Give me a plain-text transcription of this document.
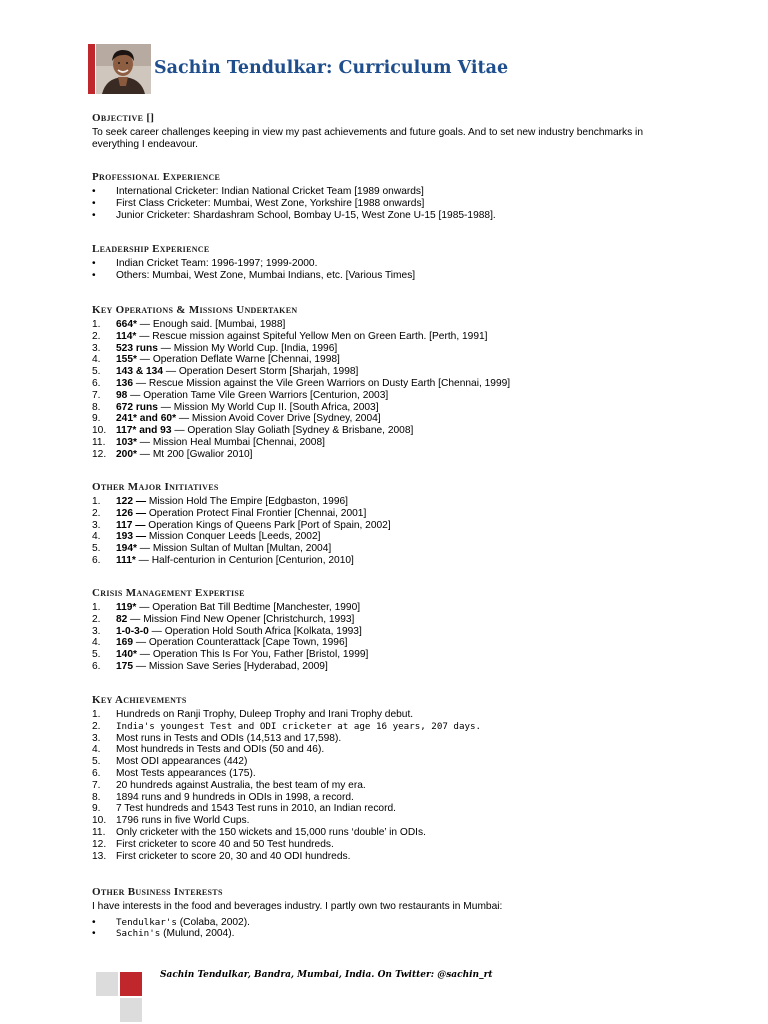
Sachin Tendulkar: Curriculum Vitae
Objective []

To seek career challenges keeping in view my past achievements and future goals. And to set new industry benchmarks in everything I endeavour.

Professional Experience
•	International Cricketer: Indian National Cricket Team [1989 onwards]
•	First Class Cricketer: Mumbai, West Zone, Yorkshire [1988 onwards]
•	Junior Cricketer: Shardashram School, Bombay U-15, West Zone U-15 [1985-1988].
Leadership Experience
•	Indian Cricket Team: 1996-1997; 1999-2000.
•	Others: Mumbai, West Zone, Mumbai Indians, etc. [Various Times]
Key Operations & Missions Undertaken
1.	664* — Enough said. [Mumbai, 1988]
2.	114* — Rescue mission against Spiteful Yellow Men on Green Earth. [Perth, 1991]
3.	523 runs — Mission My World Cup. [India, 1996]
4.	155* — Operation Deflate Warne [Chennai, 1998]
5.	143 & 134 — Operation Desert Storm [Sharjah, 1998]
6.	136 — Rescue Mission against the Vile Green Warriors on Dusty Earth [Chennai, 1999]
7.	98 — Operation Tame Vile Green Warriors [Centurion, 2003]
8.	672 runs — Mission My World Cup II. [South Africa, 2003]
9.	241* and 60* — Mission Avoid Cover Drive [Sydney, 2004]
10. 117* and 93 — Operation Slay Goliath [Sydney & Brisbane, 2008]
11.	103* — Mission Heal Mumbai [Chennai, 2008]
12. 200* — Mt 200 [Gwalior 2010]
Other Major Initiatives
1.	122 — Mission Hold The Empire [Edgbaston, 1996]
2.	126 — Operation Protect Final Frontier [Chennai, 2001]
3.	117 — Operation Kings of Queens Park [Port of Spain, 2002]
4.	193 — Mission Conquer Leeds [Leeds, 2002]
5.	194* — Mission Sultan of Multan [Multan, 2004]
6.	111* — Half-centurion in Centurion [Centurion, 2010]
Crisis Management Expertise
1.	119* — Operation Bat Till Bedtime [Manchester, 1990]
2.	82 — Mission Find New Opener [Christchurch, 1993]
3.	1-0-3-0 — Operation Hold South Africa [Kolkata, 1993]
4.	169 — Operation Counterattack [Cape Town, 1996]
5.	140* — Operation This Is For You, Father [Bristol, 1999]
6.	175 — Mission Save Series [Hyderabad, 2009]
Key Achievements
1.	Hundreds on Ranji Trophy, Duleep Trophy and Irani Trophy debut.
2.	India's youngest Test and ODI cricketer at age 16 years, 207 days.
3.	Most runs in Tests and ODIs (14,513 and 17,598).
4.	Most hundreds in Tests and ODIs (50 and 46).
5.	Most ODI appearances (442)
6.	Most Tests appearances (175).
7.	20 hundreds against Australia, the best team of my era.
8.	1894 runs and 9 hundreds in ODIs in 1998, a record.
9.	7 Test hundreds and 1543 Test runs in 2010, an Indian record.
10. 1796 runs in five World Cups.
11.	Only cricketer with the 150 wickets and 15,000 runs ‘double’ in ODIs.
12. First cricketer to score 40 and 50 Test hundreds.
13. First cricketer to score 20, 30 and 40 ODI hundreds.
Other Business Interests

I have interests in the food and beverages industry. I partly own two restaurants in Mumbai:

•	Tendulkar's (Colaba, 2002).
•	Sachin's (Mulund, 2004).
Sachin Tendulkar, Bandra, Mumbai, India. On Twitter: @sachin_rt
